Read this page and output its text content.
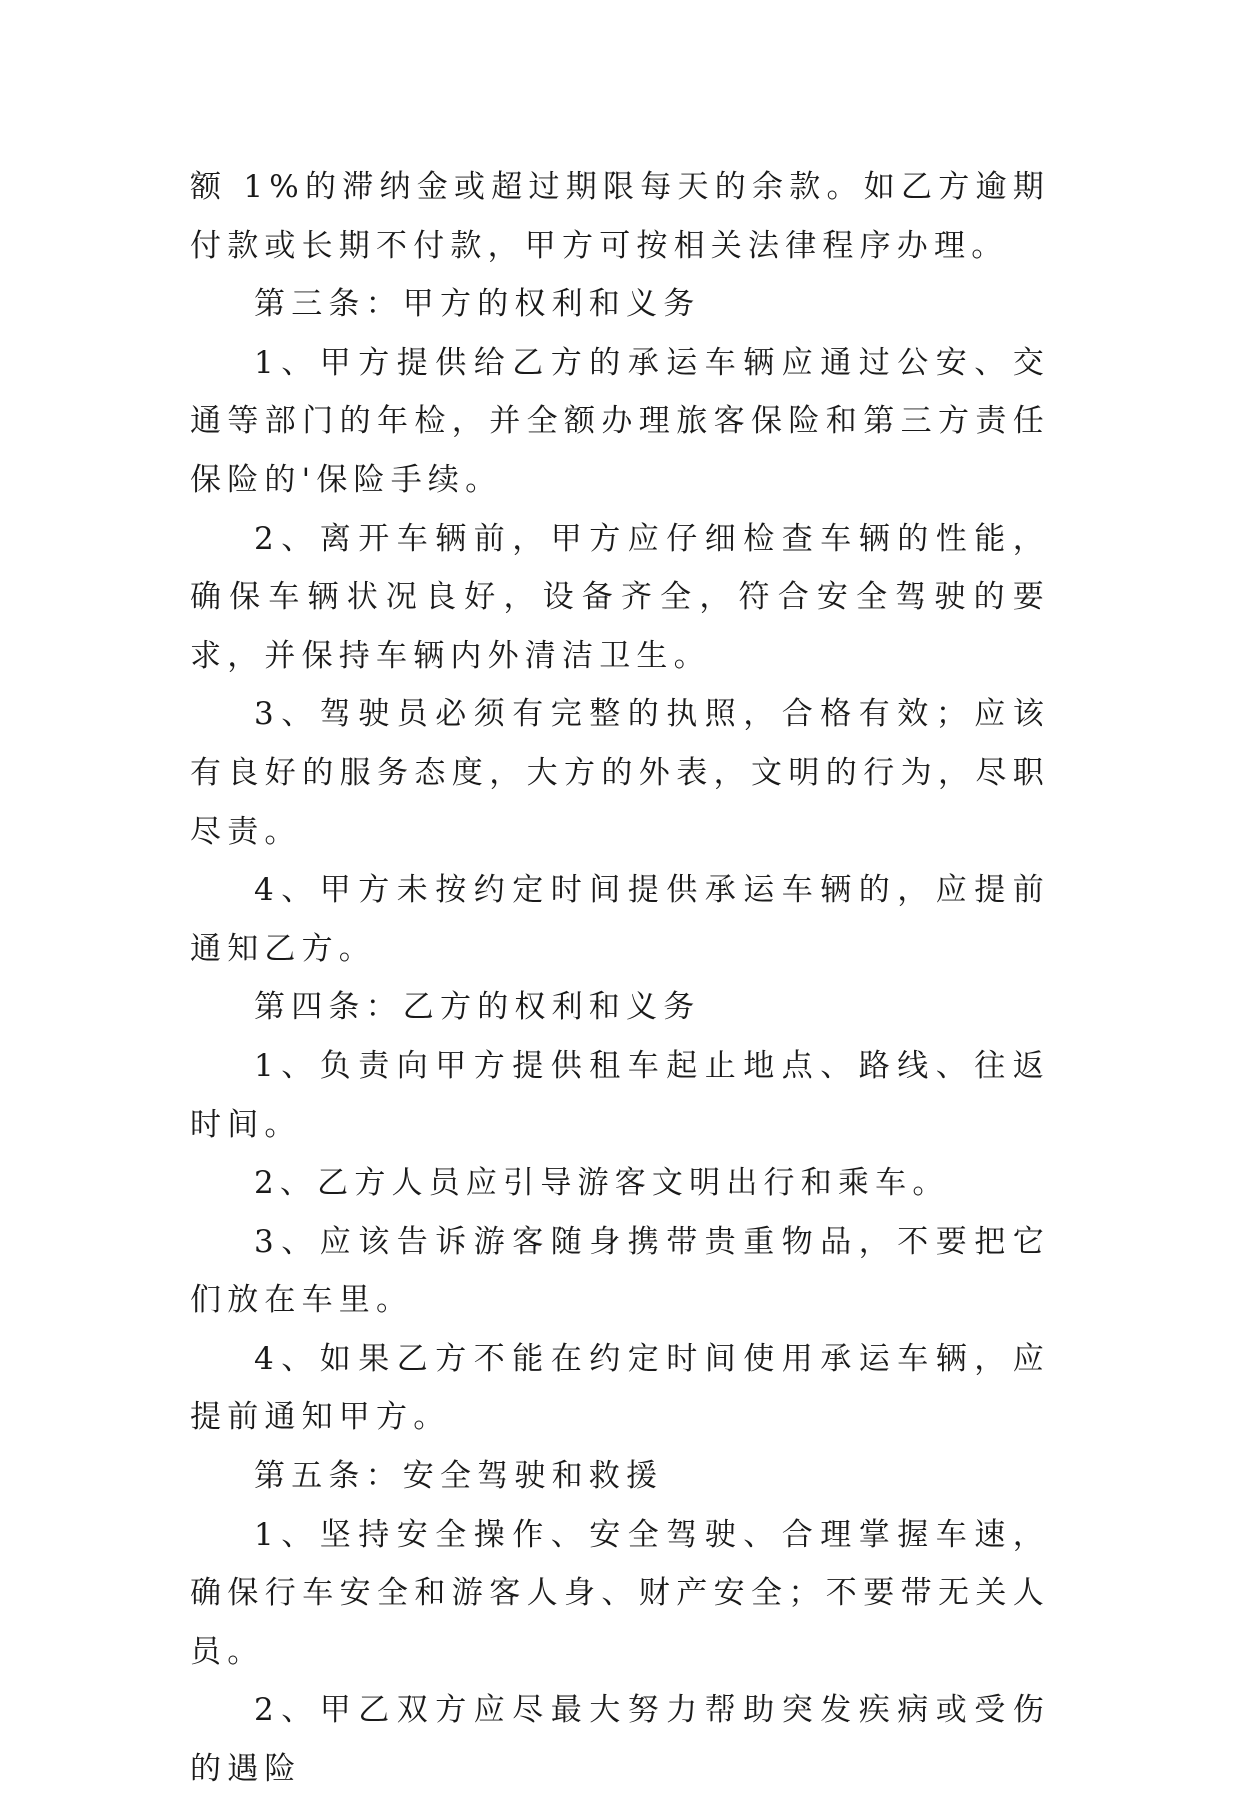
额 1%的滞纳金或超过期限每天的余款。如乙方逾期付款或长期不付款，甲方可按相关法律程序办理。

第三条：甲方的权利和义务

1、甲方提供给乙方的承运车辆应通过公安、交通等部门的年检，并全额办理旅客保险和第三方责任保险的'保险手续。

2、离开车辆前，甲方应仔细检查车辆的性能，确保车辆状况良好，设备齐全，符合安全驾驶的要求，并保持车辆内外清洁卫生。

3、驾驶员必须有完整的执照，合格有效；应该有良好的服务态度，大方的外表，文明的行为，尽职尽责。

4、甲方未按约定时间提供承运车辆的，应提前通知乙方。

第四条：乙方的权利和义务

1、负责向甲方提供租车起止地点、路线、往返时间。

2、乙方人员应引导游客文明出行和乘车。

3、应该告诉游客随身携带贵重物品，不要把它们放在车里。

4、如果乙方不能在约定时间使用承运车辆，应提前通知甲方。

第五条：安全驾驶和救援

1、坚持安全操作、安全驾驶、合理掌握车速，确保行车安全和游客人身、财产安全；不要带无关人员。

2、甲乙双方应尽最大努力帮助突发疾病或受伤的遇险
